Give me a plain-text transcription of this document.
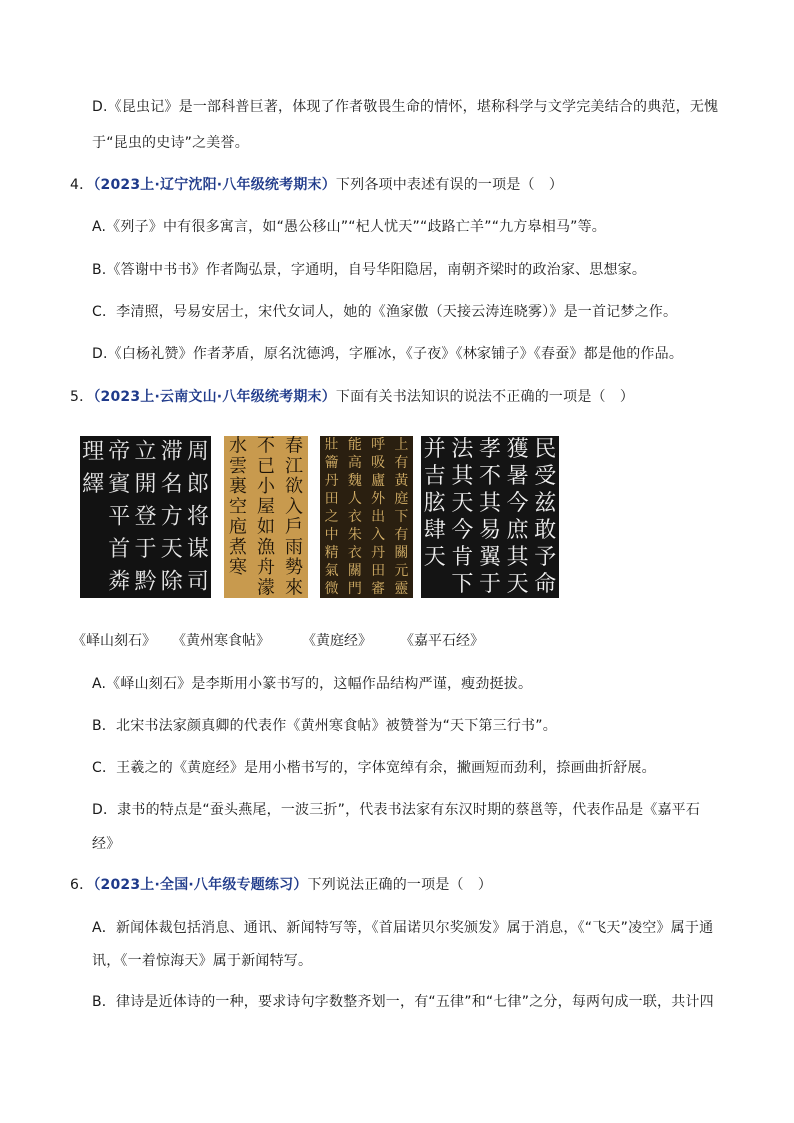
D.《昆虫记》是一部科普巨著，体现了作者敬畏生命的情怀，堪称科学与文学完美结合的典范，无愧
于“昆虫的史诗”之美誉。
4．（2023上·辽宁沈阳·八年级统考期末）下列各项中表述有误的一项是（　）
A.《列子》中有很多寓言，如“愚公移山”“杞人忧天”“歧路亡羊”“九方皋相马”等。
B.《答谢中书书》作者陶弘景，字通明，自号华阳隐居，南朝齐梁时的政治家、思想家。
C．李清照，号易安居士，宋代女词人，她的《渔家傲（天接云涛连晓雾）》是一首记梦之作。
D.《白杨礼赞》作者茅盾，原名沈德鸿，字雁冰，《子夜》《林家铺子》《春蚕》都是他的作品。
5．（2023上·云南文山·八年级统考期末）下面有关书法知识的说法不正确的一项是（　）
周
郎
将
谋
司
滞
名
方
天
除
立
開
登
于
黔
帝
賓
平
首
粦
理
繹
春
江
欲
入
戶
雨
勢
來
不
已
小
屋
如
漁
舟
濛
水
雲
裏
空
庖
煮
寒
上
有
黃
庭
下
有
關
元
靈
呼
吸
廬
外
出
入
丹
田
審
能
高
魏
人
衣
朱
衣
關
門
壯
籥
丹
田
之
中
精
氣
微
民
受
兹
敢
予
命
獲
暑
今
庶
其
天
孝
不
其
易
翼
于
法
其
天
今
肯
下
并
吉
胘
肆
天
《峄山刻石》 《黄州寒食帖》 《黄庭经》 《嘉平石经》
A.《峄山刻石》是李斯用小篆书写的，这幅作品结构严谨，瘦劲挺拔。
B．北宋书法家颜真卿的代表作《黄州寒食帖》被赞誉为“天下第三行书”。
C．王羲之的《黄庭经》是用小楷书写的，字体宽绰有余，撇画短而劲利，捺画曲折舒展。
D．隶书的特点是“蚕头燕尾，一波三折”，代表书法家有东汉时期的蔡邕等，代表作品是《嘉平石
经》
6．（2023上·全国·八年级专题练习）下列说法正确的一项是（　）
A．新闻体裁包括消息、通讯、新闻特写等，《首届诺贝尔奖颁发》属于消息，《“飞天”凌空》属于通
讯，《一着惊海天》属于新闻特写。
B．律诗是近体诗的一种，要求诗句字数整齐划一，有“五律”和“七律”之分，每两句成一联，共计四
